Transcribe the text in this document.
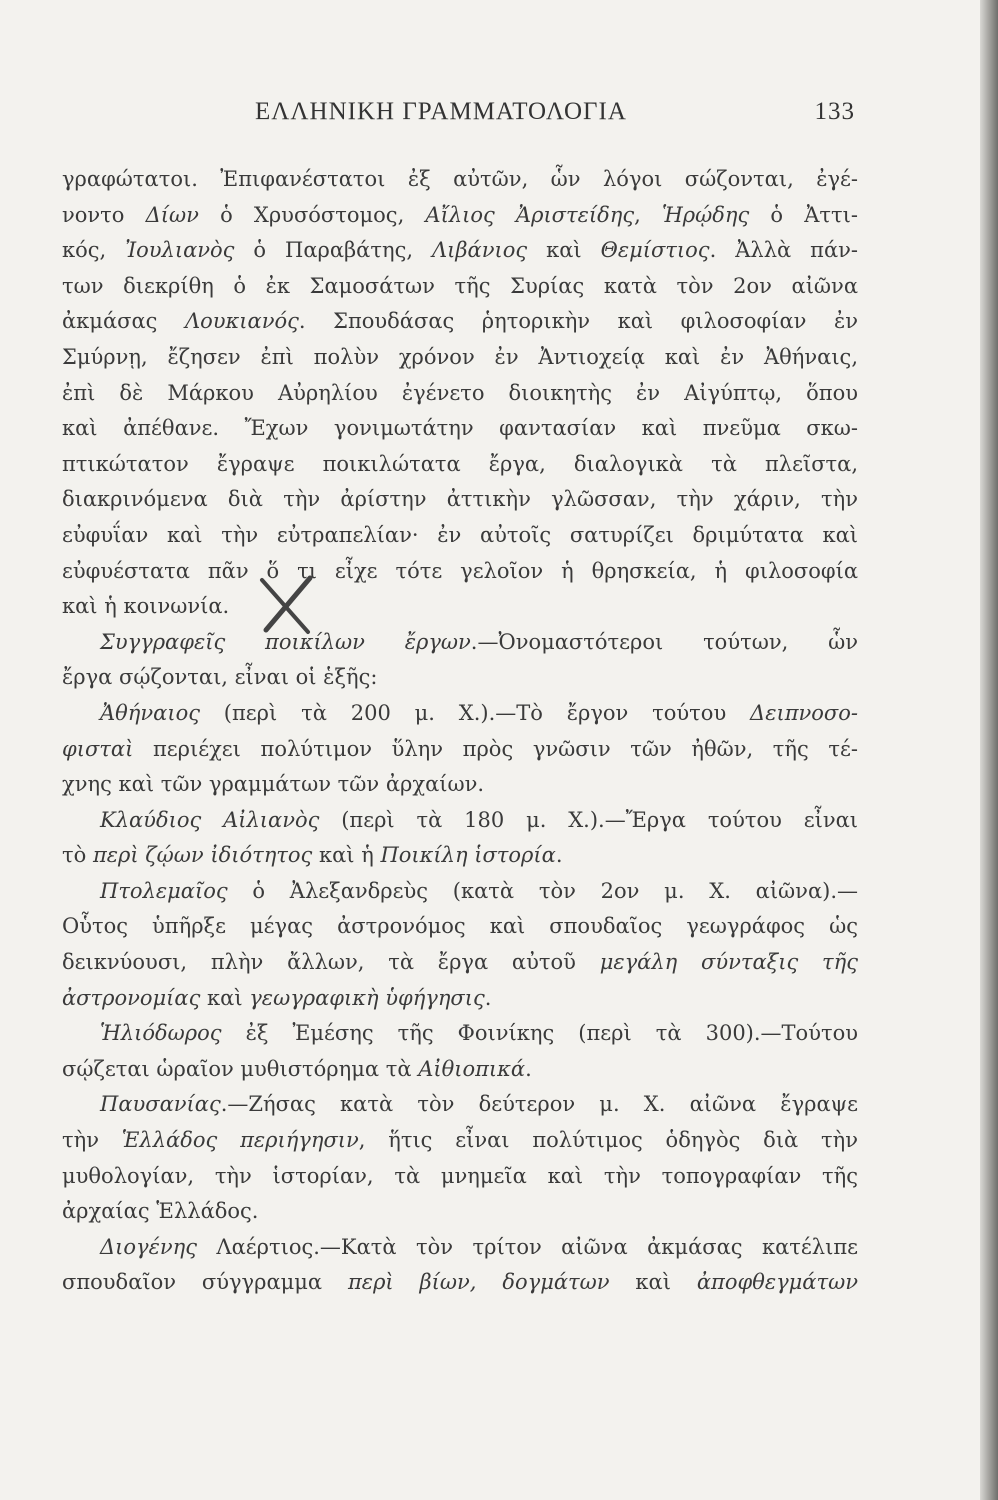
ΕΛΛΗΝΙΚΗ ΓΡΑΜΜΑΤΟΛΟΓΙΑ	133
γραφώτατοι. Ἐπιφανέστατοι ἐξ αὐτῶν, ὧν λόγοι σώζονται, ἐγέ-
νοντο Δίων ὁ Χρυσόστομος, Αἴλιος Ἀριστείδης, Ἡρῴδης ὁ Ἀττι-
κός, Ἰουλιανὸς ὁ Παραβάτης, Λιβάνιος καὶ Θεμίστιος. Ἀλλὰ πάν-
των διεκρίθη ὁ ἐκ Σαμοσάτων τῆς Συρίας κατὰ τὸν 2ον αἰῶνα
ἀκμάσας Λουκιανός. Σπουδάσας ῥητορικὴν καὶ φιλοσοφίαν ἐν
Σμύρνῃ, ἔζησεν ἐπὶ πολὺν χρόνον ἐν Ἀντιοχείᾳ καὶ ἐν Ἀθήναις,
ἐπὶ δὲ Μάρκου Αὐρηλίου ἐγένετο διοικητὴς ἐν Αἰγύπτῳ, ὅπου
καὶ ἀπέθανε. Ἔχων γονιμωτάτην φαντασίαν καὶ πνεῦμα σκω-
πτικώτατον ἔγραψε ποικιλώτατα ἔργα, διαλογικὰ τὰ πλεῖστα,
διακρινόμενα διὰ τὴν ἀρίστην ἀττικὴν γλῶσσαν, τὴν χάριν, τὴν
εὐφυΐαν καὶ τὴν εὐτραπελίαν· ἐν αὐτοῖς σατυρίζει δριμύτατα καὶ
εὐφυέστατα πᾶν ὅ τι εἶχε τότε γελοῖον ἡ θρησκεία, ἡ φιλοσοφία
καὶ ἡ κοινωνία.
Συγγραφεῖς ποικίλων ἔργων.—Ὀνομαστότεροι τούτων, ὧν
ἔργα σῴζονται, εἶναι οἱ ἑξῆς:
Ἀθήναιος (περὶ τὰ 200 μ. Χ.).—Τὸ ἔργον τούτου Δειπνοσο-
φισταὶ περιέχει πολύτιμον ὕλην πρὸς γνῶσιν τῶν ἠθῶν, τῆς τέ-
χνης καὶ τῶν γραμμάτων τῶν ἀρχαίων.
Κλαύδιος Αἰλιανὸς (περὶ τὰ 180 μ. Χ.).—Ἔργα τούτου εἶναι
τὸ περὶ ζῴων ἰδιότητος καὶ ἡ Ποικίλη ἱστορία.
Πτολεμαῖος ὁ Ἀλεξανδρεὺς (κατὰ τὸν 2ον μ. Χ. αἰῶνα).—
Οὗτος ὑπῆρξε μέγας ἀστρονόμος καὶ σπουδαῖος γεωγράφος ὡς
δεικνύουσι, πλὴν ἄλλων, τὰ ἔργα αὐτοῦ μεγάλη σύνταξις τῆς
ἀστρονομίας καὶ γεωγραφικὴ ὑφήγησις.
Ἡλιόδωρος ἐξ Ἐμέσης τῆς Φοινίκης (περὶ τὰ 300).—Τούτου
σῴζεται ὡραῖον μυθιστόρημα τὰ Αἰθιοπικά.
Παυσανίας.—Ζήσας κατὰ τὸν δεύτερον μ. Χ. αἰῶνα ἔγραψε
τὴν Ἑλλάδος περιήγησιν, ἥτις εἶναι πολύτιμος ὁδηγὸς διὰ τὴν
μυθολογίαν, τὴν ἱστορίαν, τὰ μνημεῖα καὶ τὴν τοπογραφίαν τῆς
ἀρχαίας Ἑλλάδος.
Διογένης Λαέρτιος.—Κατὰ τὸν τρίτον αἰῶνα ἀκμάσας κατέλιπε
σπουδαῖον σύγγραμμα περὶ βίων, δογμάτων καὶ ἀποφθεγμάτων
